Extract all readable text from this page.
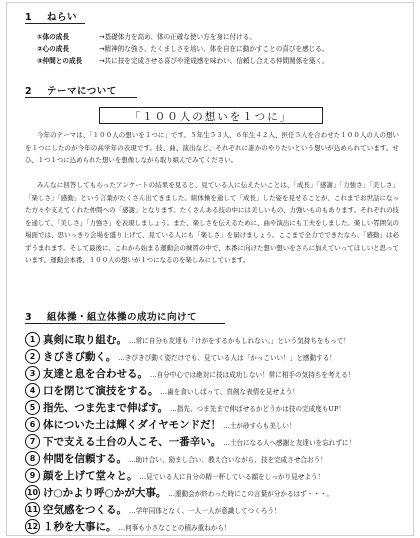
1 ねらい
①体の成長	→基礎体力を高め、体の正確な使い方を身に付ける。
②心の成長	→精神的な強さ、たくましさを培い、体を自在に動かすことの喜びを感じる。
③仲間との成長	→共に技を完成させる喜びや達成感を味わい、信頼し合える仲間関係を築く。
2 テーマについて
「１００人の想いを１つに」
今年のテーマは、「１００人の想いを１つに」です。５年生５３人、６年生４２人、担任５人を合わせた１００人の人の想いを１つにしたのが今年の高学年の表現です。技、曲、演出など、それぞれに誰かのやりたいという想いが込められています。せひ、１つ１つに込められた想いを想像しながら取り組んでみてください。
みんなに回答してもらったアンケートの結果を見ると、見ている人に伝えたいことは、「成長」「感謝」「力強さ」「美しさ」「楽しさ」「感動」という言葉がたくさん出てきました。組体操を通して「成長」した姿を見せることが、これまでお世話になった方々や支えてくれた仲間への「感謝」となります。たくさんある技の中には美しいもの、力強いものもあります。それぞれの技を通して、「美しさ」「力強さ」を表現しましょう。また、楽しさを伝えるために、曲や演出にも工夫をしました。楽しい雰囲気の場面では、思いっきり会場を盛り上げて、見ている人にも「楽しさ」を届けましょう。ここまで全力でできたなら、「感動」は必ずうまれます。そして最後に、これから始まる運動会の練習の中で、本番に向けた想い想いをさらに加えていってほしいと思っています。運動会本番、１００人の想いが１つになるのを楽しみにしています。
3 組体操・組立体操の成功に向けて
1 真剣に取り組む。 …常に自分も友達も「けがをするかもしれない。」という気持ちをもって！
2 きびきび動く。 …きびきび動く姿だけでも、見ている人は「かっこいい！」と感動する！
3 友達と息を合わせる。 …自分中心では絶対に技は成功しない！常に相手の気持ちを考える！
4 口を閉じて演技をする。 …歯を食いしばって、真剣な表情を見せよう！
5 指先、つま先まで伸ばす。 …指先、つま先まで伸ばせるかどうかは技の完成度もUP！
6 体についた土は輝くダイヤモンドだ！ …土が砂すらも美しい！
7 下で支える土台の人こそ、一番辛い。 …土台になる人へ感謝と友達いを忘れずに！
8 仲間を信頼する。 …助け合い、励まし合い、教え合いながら、技を完成させ合おう！
9 顔を上げて堂々と。 …見ている人に自分の精一杯している顔をしっかり見せよう！
10 け○かより呼○かが大事。 …運動会が終わった時にこの言葉が分かるはず・・・。
11 空気感をつくる。 …学年同体となく、一人一人が意識してつくろう！
12 １秒を大事に。 …何事も小さなことの積み重ねから！
